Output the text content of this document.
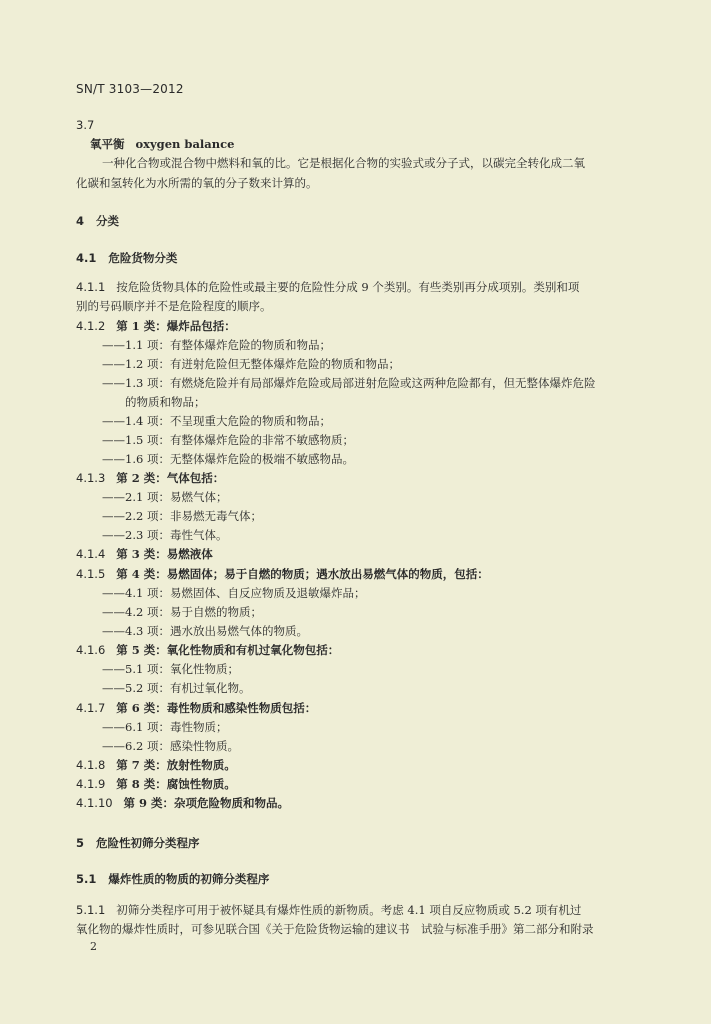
SN/T 3103—2012
3.7
氧平衡 oxygen balance
一种化合物或混合物中燃料和氧的比。它是根据化合物的实验式或分子式，以碳完全转化成二氧
化碳和氢转化为水所需的氧的分子数来计算的。
4 分类
4.1 危险货物分类
4.1.1 按危险货物具体的危险性或最主要的危险性分成 9 个类别。有些类别再分成项别。类别和项
别的号码顺序并不是危险程度的顺序。
4.1.2 第 1 类：爆炸品包括：
——1.1 项：有整体爆炸危险的物质和物品；
——1.2 项：有迸射危险但无整体爆炸危险的物质和物品；
——1.3 项：有燃烧危险并有局部爆炸危险或局部迸射危险或这两种危险都有，但无整体爆炸危险
的物质和物品；
——1.4 项：不呈现重大危险的物质和物品；
——1.5 项：有整体爆炸危险的非常不敏感物质；
——1.6 项：无整体爆炸危险的极端不敏感物品。
4.1.3 第 2 类：气体包括：
——2.1 项：易燃气体；
——2.2 项：非易燃无毒气体；
——2.3 项：毒性气体。
4.1.4 第 3 类：易燃液体
4.1.5 第 4 类：易燃固体；易于自燃的物质；遇水放出易燃气体的物质，包括：
——4.1 项：易燃固体、自反应物质及退敏爆炸品；
——4.2 项：易于自燃的物质；
——4.3 项：遇水放出易燃气体的物质。
4.1.6 第 5 类：氧化性物质和有机过氧化物包括：
——5.1 项：氧化性物质；
——5.2 项：有机过氧化物。
4.1.7 第 6 类：毒性物质和感染性物质包括：
——6.1 项：毒性物质；
——6.2 项：感染性物质。
4.1.8 第 7 类：放射性物质。
4.1.9 第 8 类：腐蚀性物质。
4.1.10 第 9 类：杂项危险物质和物品。
5 危险性初筛分类程序
5.1 爆炸性质的物质的初筛分类程序
5.1.1 初筛分类程序可用于被怀疑具有爆炸性质的新物质。考虑 4.1 项自反应物质或 5.2 项有机过
氧化物的爆炸性质时，可参见联合国《关于危险货物运输的建议书　试验与标准手册》第二部分和附录
2
